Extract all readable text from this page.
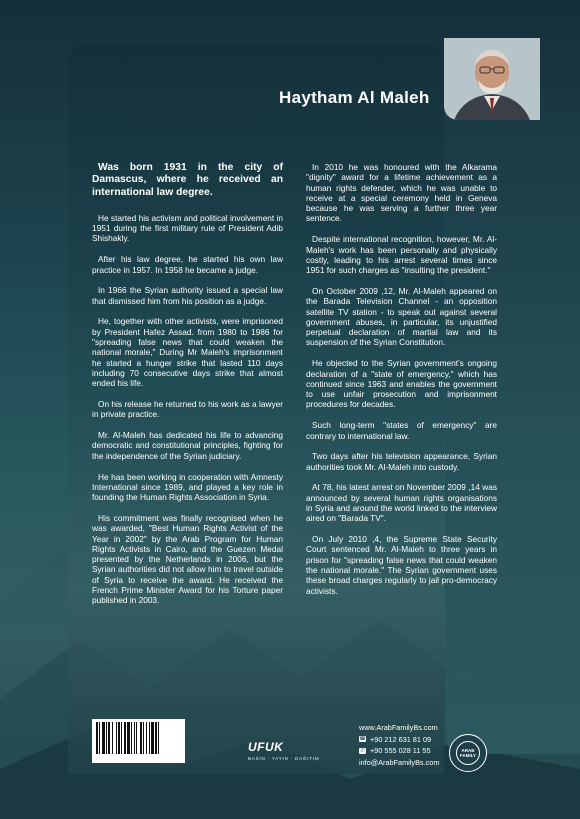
Haytham Al Maleh

Was born 1931 in the city of Damascus, where he received an international law degree.

He started his activism and political involvement in 1951 during the first military rule of President Adib Shishakly.

After his law degree, he started his own law practice in 1957. In 1958 he became a judge.

In 1966 the Syrian authority issued a special law that dismissed him from his position as a judge.

He, together with other activists, were imprisoned by President Hafez Assad. from 1980 to 1986 for "spreading false news that could weaken the national morale," During Mr Maleh's imprisonment he started a hunger strike that lasted 110 days including 70 consecutive days strike that almost ended his life.

On his release he returned to his work as a lawyer in private practice.

Mr. Al-Maleh has dedicated his life to advancing democratic and constitutional principles, fighting for the independence of the Syrian judiciary.

He has been working in cooperation with Amnesty International since 1989, and played a key role in founding the Human Rights Association in Syria.

His commitment was finally recognised when he was awarded, "Best Human Rights Activist of the Year in 2002" by the Arab Program for Human Rights Activists in Cairo, and the Guezen Medal presented by the Netherlands in 2006, but the Syrian authorities did not allow him to travel outside of Syria to receive the award. He received the French Prime Minister Award for his Torture paper published in 2003.

In 2010 he was honoured with the Alkarama "dignity" award for a lifetime achievement as a human rights defender, which he was unable to receive at a special ceremony held in Geneva because he was serving a further three year sentence.

Despite international recognition, however, Mr. Al-Maleh's work has been personally and physically costly, leading to his arrest several times since 1951 for such charges as "insulting the president."

On October 2009 ,12, Mr. Al-Maleh appeared on the Barada Television Channel - an opposition satellite TV station - to speak out against several government abuses, in particular, its unjustified perpetual declaration of martial law and its suspension of the Syrian Constitution.

He objected to the Syrian government's ongoing declaration of a "state of emergency," which has continued since 1963 and enables the government to use unfair prosecution and imprisonment procedures for decades.

Such long-term "states of emergency" are contrary to international law.

Two days after his television appearance, Syrian authorities took Mr. Al-Maleh into custody.

At 78, his latest arrest on November 2009 ,14 was announced by several human rights organisations in Syria and around the world linked to the interview aired on "Barada TV".

On July 2010 ,4, the Supreme State Security Court sentenced Mr. Al-Maleh to three years in prison for "spreading false news that could weaken the national morale." The Syrian government uses these broad charges regularly to jail pro-democracy activists.

9 786256 451629
UFUK
BASIN · YAYIN · DAĞITIM
www.ArabFamilyBs.com
☎ +90 212 631 81 09
✆ +90 555 028 11 55
info@ArabFamilyBs.com
ARAB FAMILY
